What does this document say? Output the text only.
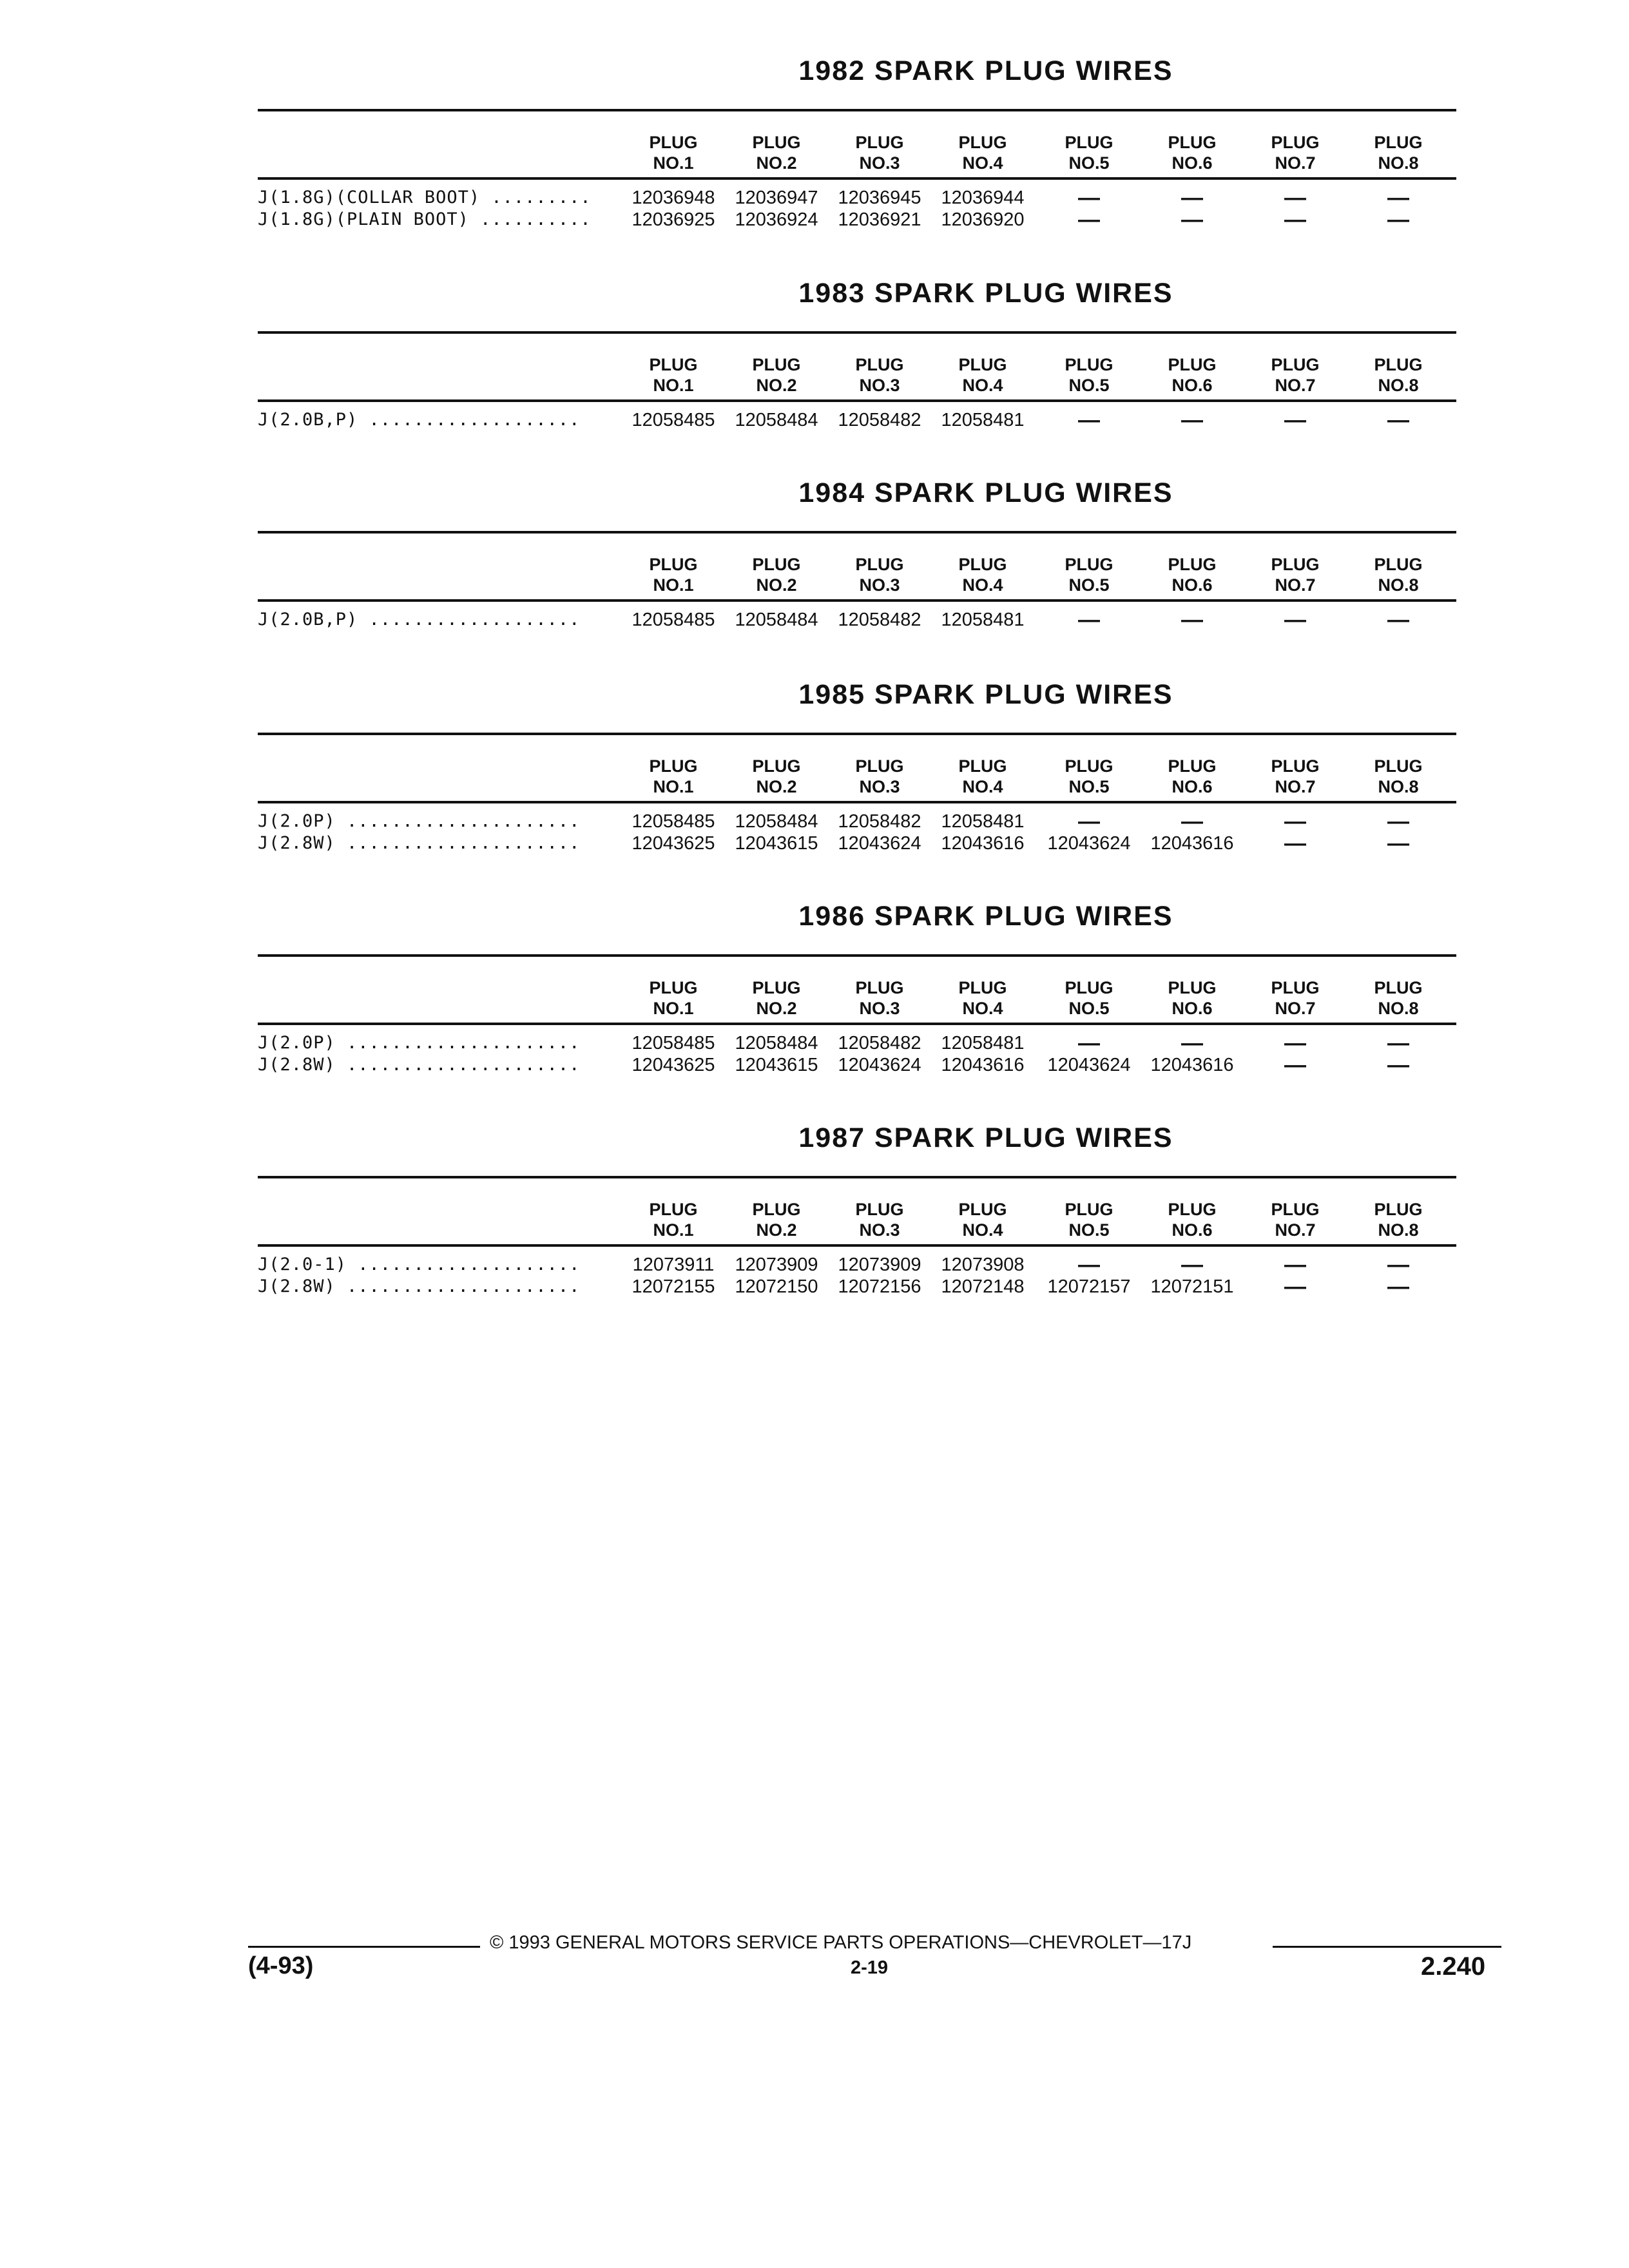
1982 SPARK PLUG WIRES
PLUG
NO.1
PLUG
NO.2
PLUG
NO.3
PLUG
NO.4
PLUG
NO.5
PLUG
NO.6
PLUG
NO.7
PLUG
NO.8
J(1.8G)(COLLAR BOOT) .........	12036948	12036947	12036945	12036944	—	—	—	—
J(1.8G)(PLAIN BOOT) ..........	12036925	12036924	12036921	12036920	—	—	—	—
1983 SPARK PLUG WIRES
PLUG
NO.1
PLUG
NO.2
PLUG
NO.3
PLUG
NO.4
PLUG
NO.5
PLUG
NO.6
PLUG
NO.7
PLUG
NO.8
J(2.0B,P) ...................	12058485	12058484	12058482	12058481	—	—	—	—
1984 SPARK PLUG WIRES
PLUG
NO.1
PLUG
NO.2
PLUG
NO.3
PLUG
NO.4
PLUG
NO.5
PLUG
NO.6
PLUG
NO.7
PLUG
NO.8
J(2.0B,P) ...................	12058485	12058484	12058482	12058481	—	—	—	—
1985 SPARK PLUG WIRES
PLUG
NO.1
PLUG
NO.2
PLUG
NO.3
PLUG
NO.4
PLUG
NO.5
PLUG
NO.6
PLUG
NO.7
PLUG
NO.8
J(2.0P) .....................	12058485	12058484	12058482	12058481	—	—	—	—
J(2.8W) .....................	12043625	12043615	12043624	12043616	12043624	12043616	—	—
1986 SPARK PLUG WIRES
PLUG
NO.1
PLUG
NO.2
PLUG
NO.3
PLUG
NO.4
PLUG
NO.5
PLUG
NO.6
PLUG
NO.7
PLUG
NO.8
J(2.0P) .....................	12058485	12058484	12058482	12058481	—	—	—	—
J(2.8W) .....................	12043625	12043615	12043624	12043616	12043624	12043616	—	—
1987 SPARK PLUG WIRES
PLUG
NO.1
PLUG
NO.2
PLUG
NO.3
PLUG
NO.4
PLUG
NO.5
PLUG
NO.6
PLUG
NO.7
PLUG
NO.8
J(2.0-1) ....................	12073911	12073909	12073909	12073908	—	—	—	—
J(2.8W) .....................	12072155	12072150	12072156	12072148	12072157	12072151	—	—
© 1993 GENERAL MOTORS SERVICE PARTS OPERATIONS—CHEVROLET—17J
(4-93)	2-19	2.240
